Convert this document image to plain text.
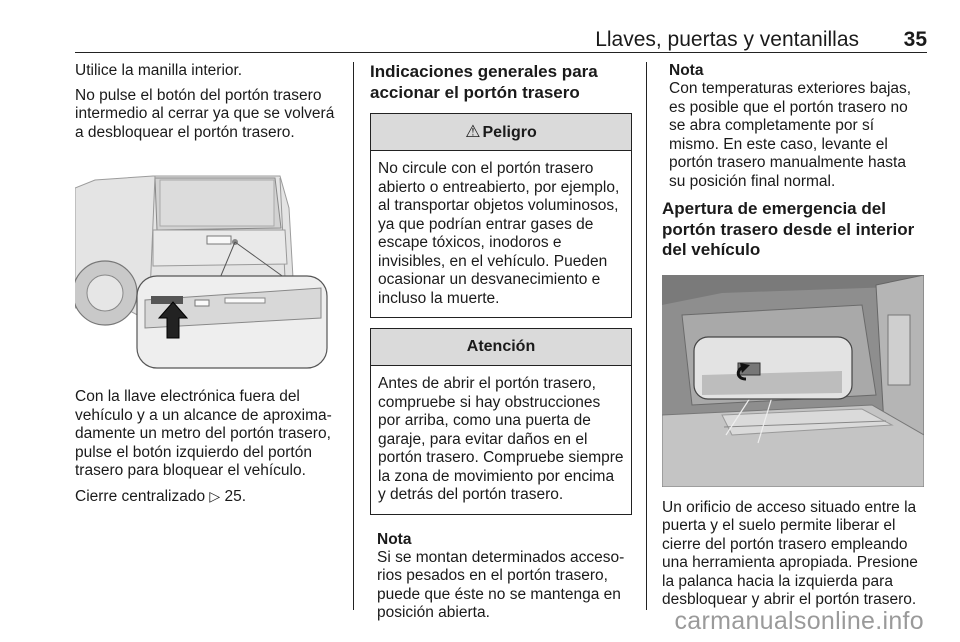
Llaves, puertas y ventanillas 35

Utilice la manilla interior.

No pulse el botón del portón trasero intermedio al cerrar ya que se volverá a desbloquear el portón trasero.

Con la llave electrónica fuera del vehículo y a un alcance de aproximadamente un metro del portón trasero, pulse el botón izquierdo del portón trasero para bloquear el vehículo.

Cierre centralizado ▷ 25.

Indicaciones generales para accionar el portón trasero
⚠ Peligro

No circule con el portón trasero abierto o entreabierto, por ejemplo, al transportar objetos voluminosos, ya que podrían entrar gases de escape tóxicos, inodoros e invisibles, en el vehículo. Pueden ocasionar un desvanecimiento e incluso la muerte.

Atención

Antes de abrir el portón trasero, compruebe si hay obstrucciones por arriba, como una puerta de garaje, para evitar daños en el portón trasero. Compruebe siempre la zona de movimiento por encima y detrás del portón trasero.

Nota

Si se montan determinados accesorios pesados en el portón trasero, puede que éste no se mantenga en posición abierta.

Nota

Con temperaturas exteriores bajas, es posible que el portón trasero no se abra completamente por sí mismo. En este caso, levante el portón trasero manualmente hasta su posición final normal.

Apertura de emergencia del portón trasero desde el interior del vehículo

Un orificio de acceso situado entre la puerta y el suelo permite liberar el cierre del portón trasero empleando una herramienta apropiada. Presione la palanca hacia la izquierda para desbloquear y abrir el portón trasero.

carmanualsonline.info
